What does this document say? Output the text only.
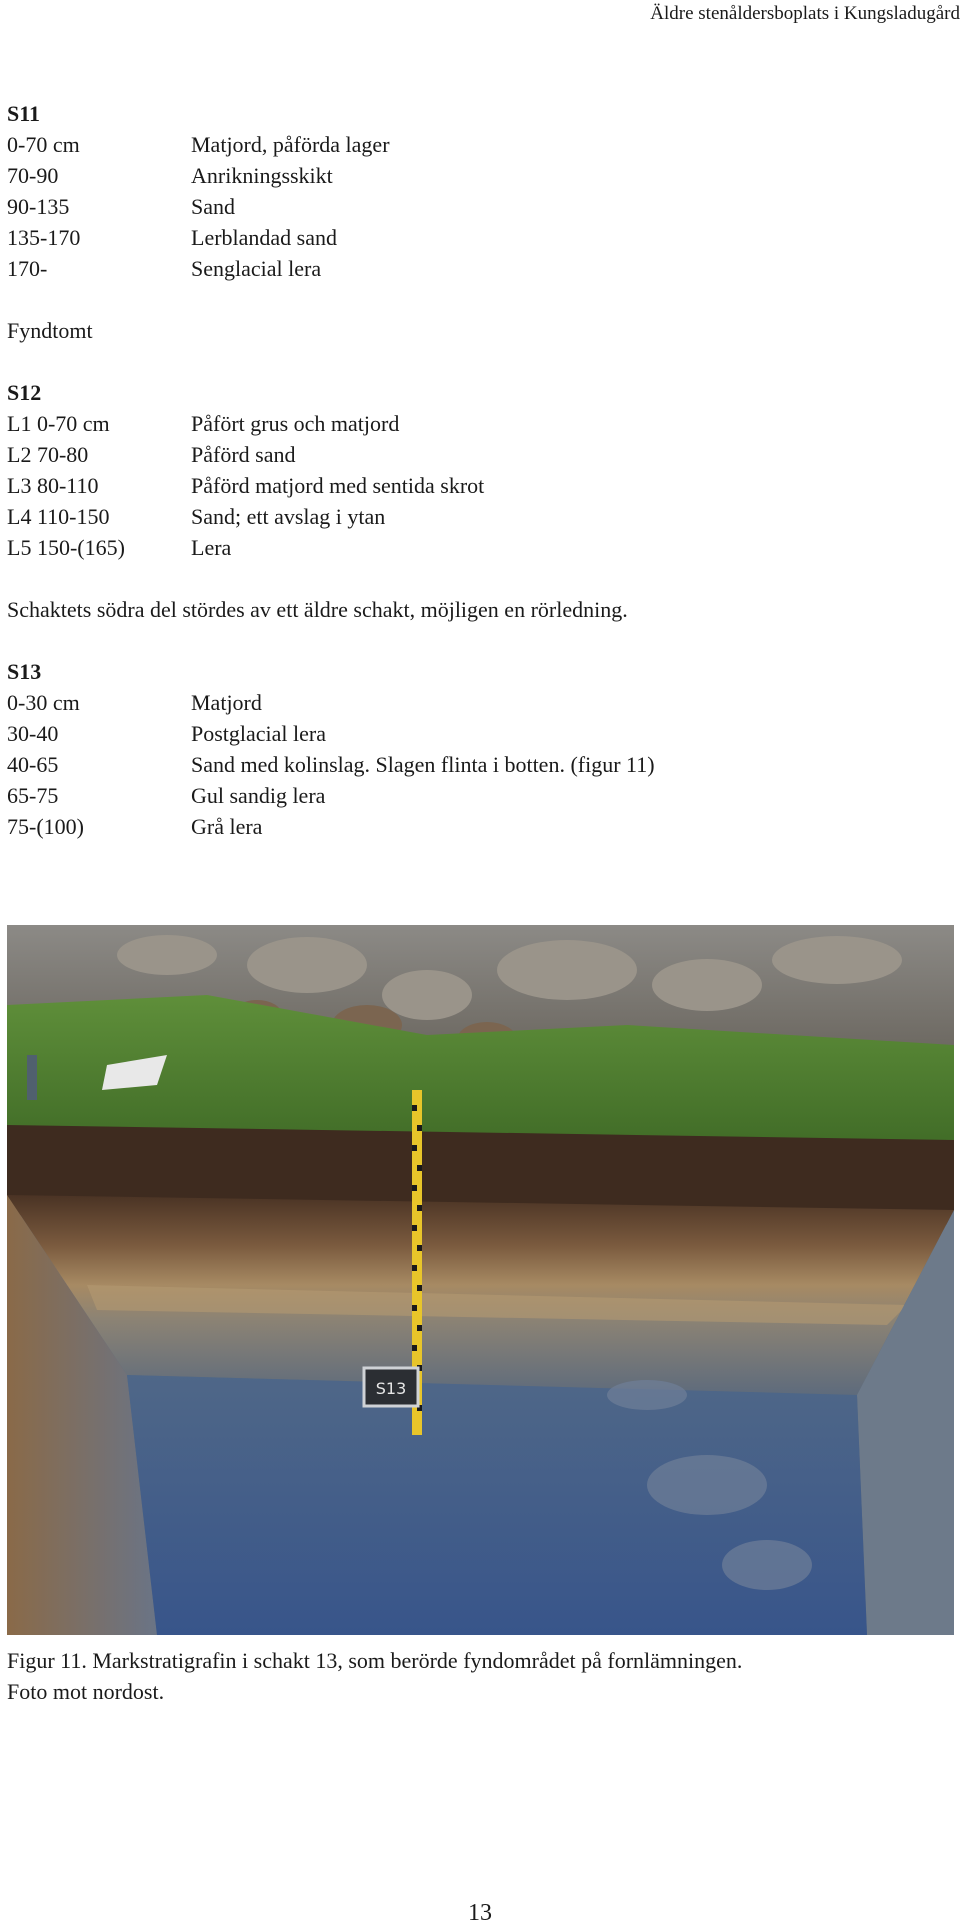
Äldre stenåldersboplats i Kungsladugård
S11
0-70 cm	Matjord, påförda lager
70-90	Anrikningsskikt
90-135	Sand
135-170	Lerblandad sand
170-	Senglacial lera
Fyndtomt
S12
L1 0-70 cm	Påfört grus och matjord
L2 70-80	Påförd sand
L3 80-110	Påförd matjord med sentida skrot
L4 110-150	Sand; ett avslag i ytan
L5 150-(165)	Lera
Schaktets södra del stördes av ett äldre schakt, möjligen en rörledning.
S13
0-30 cm	Matjord
30-40	Postglacial lera
40-65	Sand med kolinslag. Slagen flinta i botten. (figur 11)
65-75	Gul sandig lera
75-(100)	Grå lera
S13
Figur 11. Markstratigrafin i schakt 13, som berörde fyndområdet på fornlämningen.
Foto mot nordost.
13
